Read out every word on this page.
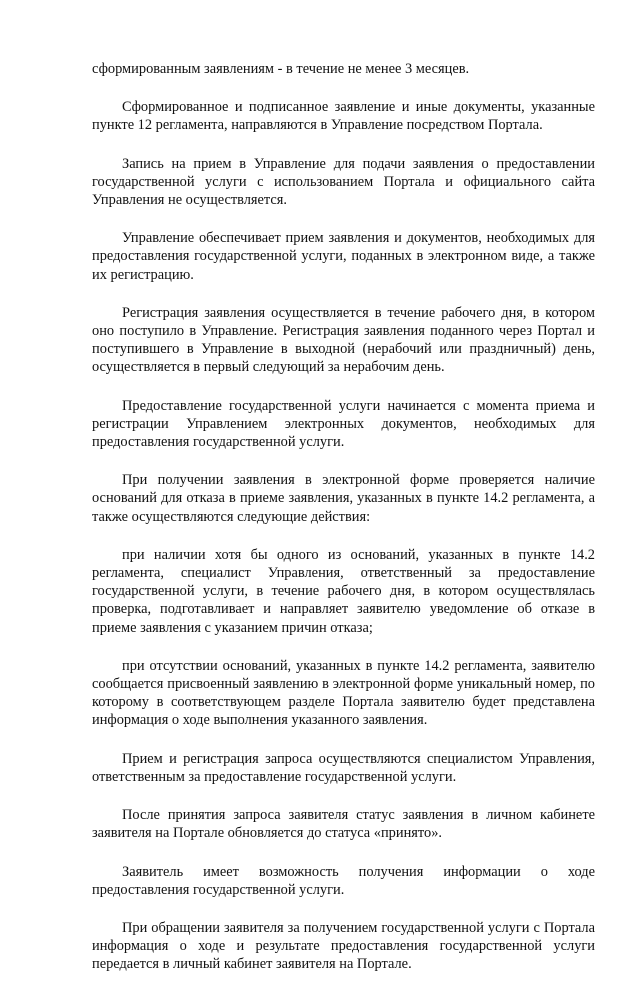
сформированным заявлениям - в течение не менее 3 месяцев.

Сформированное и подписанное заявление и иные документы, указанные пункте 12 регламента, направляются в Управление посредством Портала.

Запись на прием в Управление для подачи заявления о предоставлении государственной услуги с использованием Портала и официального сайта Управления не осуществляется.

Управление обеспечивает прием заявления и документов, необходимых для предоставления государственной услуги, поданных в электронном виде, а также их регистрацию.

Регистрация заявления осуществляется в течение рабочего дня, в котором оно поступило в Управление. Регистрация заявления поданного через Портал и поступившего в Управление в выходной (нерабочий или праздничный) день, осуществляется в первый следующий за нерабочим день.

Предоставление государственной услуги начинается с момента приема и регистрации Управлением электронных документов, необходимых для предоставления государственной услуги.

При получении заявления в электронной форме проверяется наличие оснований для отказа в приеме заявления, указанных в пункте 14.2 регламента, а также осуществляются следующие действия:

при наличии хотя бы одного из оснований, указанных в пункте 14.2 регламента, специалист Управления, ответственный за предоставление государственной услуги, в течение рабочего дня, в котором осуществлялась проверка, подготавливает и направляет заявителю уведомление об отказе в приеме заявления с указанием причин отказа;

при отсутствии оснований, указанных в пункте 14.2 регламента, заявителю сообщается присвоенный заявлению в электронной форме уникальный номер, по которому в соответствующем разделе Портала заявителю будет представлена информация о ходе выполнения указанного заявления.

Прием и регистрация запроса осуществляются специалистом Управления, ответственным за предоставление государственной услуги.

После принятия запроса заявителя статус заявления в личном кабинете заявителя на Портале обновляется до статуса «принято».

Заявитель имеет возможность получения информации о ходе предоставления государственной услуги.

При обращении заявителя за получением государственной услуги с Портала информация о ходе и результате предоставления государственной услуги передается в личный кабинет заявителя на Портале.
